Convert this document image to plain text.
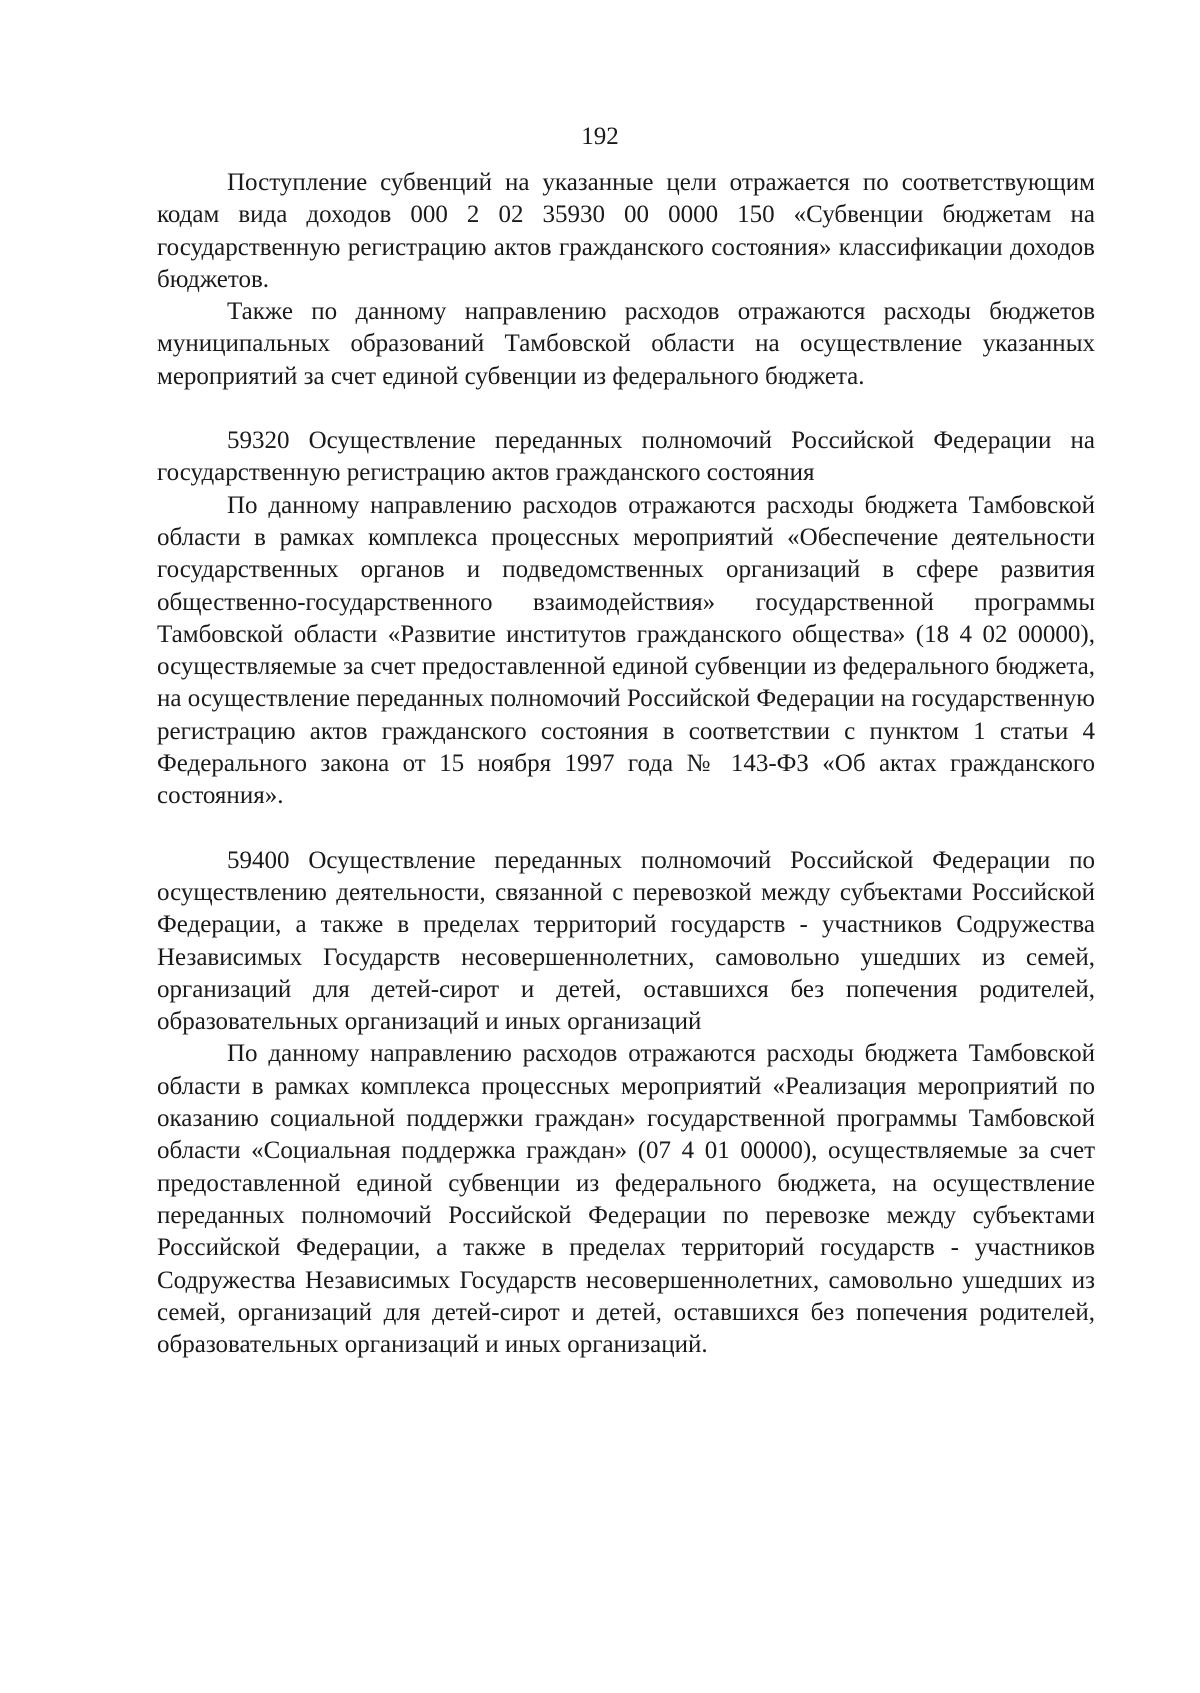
192

Поступление субвенций на указанные цели отражается по соответствующим кодам вида доходов 000 2 02 35930 00 0000 150 «Субвенции бюджетам на государственную регистрацию актов гражданского состояния» классификации доходов бюджетов.

Также по данному направлению расходов отражаются расходы бюджетов муниципальных образований Тамбовской области на осуществление указанных мероприятий за счет единой субвенции из федерального бюджета.

59320 Осуществление переданных полномочий Российской Федерации на государственную регистрацию актов гражданского состояния

По данному направлению расходов отражаются расходы бюджета Тамбовской области в рамках комплекса процессных мероприятий «Обеспечение деятельности государственных органов и подведомственных организаций в сфере развития общественно-государственного взаимодействия» государственной программы Тамбовской области «Развитие институтов гражданского общества» (18 4 02 00000), осуществляемые за счет предоставленной единой субвенции из федерального бюджета, на осуществление переданных полномочий Российской Федерации на государственную регистрацию актов гражданского состояния в соответствии с пунктом 1 статьи 4 Федерального закона от 15 ноября 1997 года № 143-ФЗ «Об актах гражданского состояния».

59400 Осуществление переданных полномочий Российской Федерации по осуществлению деятельности, связанной с перевозкой между субъектами Российской Федерации, а также в пределах территорий государств - участников Содружества Независимых Государств несовершеннолетних, самовольно ушедших из семей, организаций для детей-сирот и детей, оставшихся без попечения родителей, образовательных организаций и иных организаций

По данному направлению расходов отражаются расходы бюджета Тамбовской области в рамках комплекса процессных мероприятий «Реализация мероприятий по оказанию социальной поддержки граждан» государственной программы Тамбовской области «Социальная поддержка граждан» (07 4 01 00000), осуществляемые за счет предоставленной единой субвенции из федерального бюджета, на осуществление переданных полномочий Российской Федерации по перевозке между субъектами Российской Федерации, а также в пределах территорий государств - участников Содружества Независимых Государств несовершеннолетних, самовольно ушедших из семей, организаций для детей-сирот и детей, оставшихся без попечения родителей, образовательных организаций и иных организаций.
